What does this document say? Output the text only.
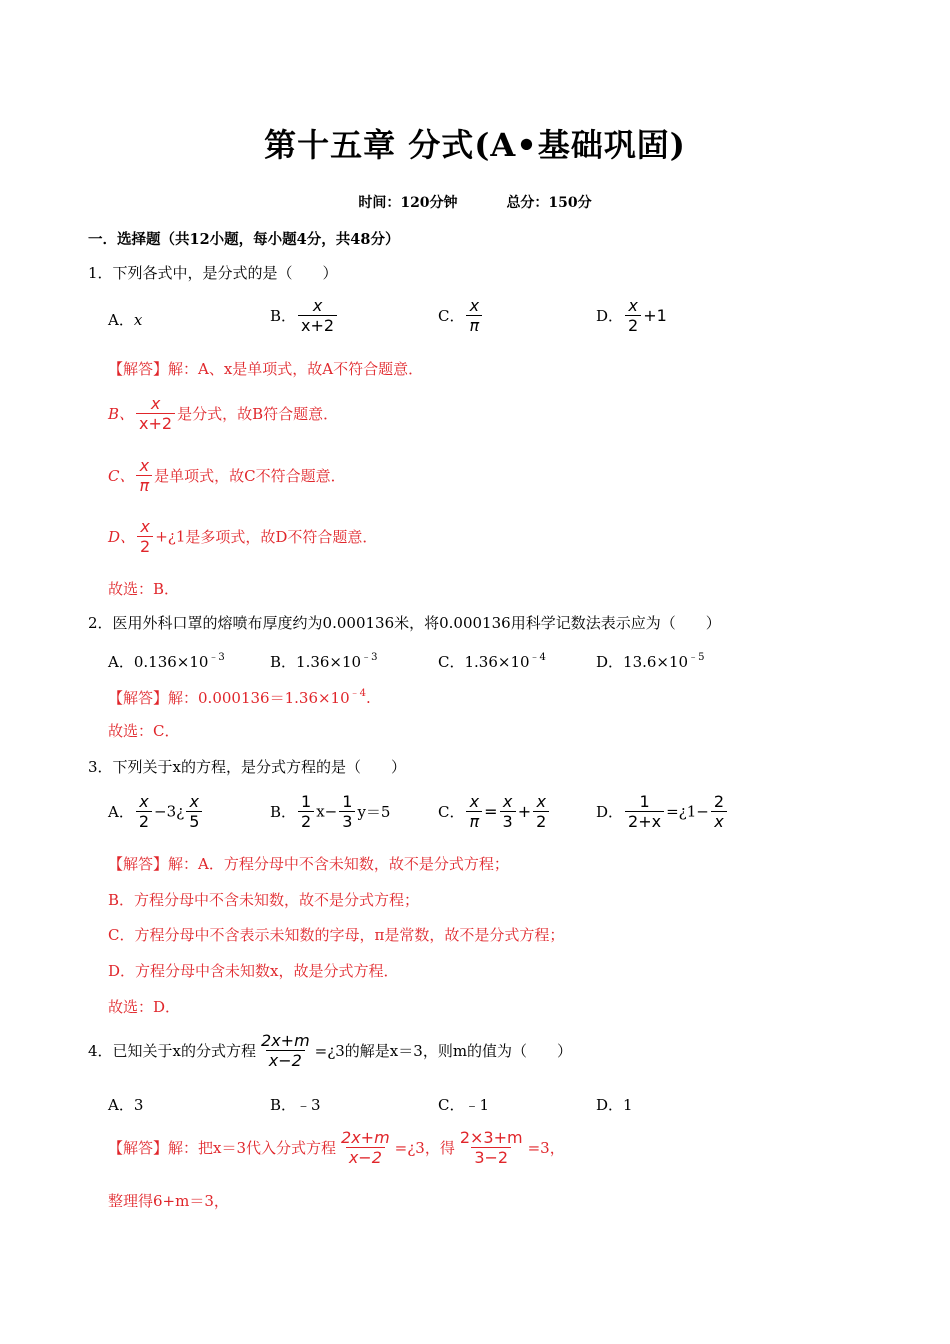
第十五章 分式(A•基础巩固)
时间：120分钟	总分：150分
一．选择题（共12小题，每小题4分，共48分）
1．下列各式中，是分式的是（　　）
A．x	B． $\frac{x}{x+2}$	C． $\frac{x}{\pi}$	D． $\frac{x}{2} +1$
【解答】解：A、x是单项式，故A不符合题意．
B、 $\frac{x}{x+2}$ 是分式，故B符合题意．
C、 $\frac{x}{\pi}$ 是单项式，故C不符合题意．
D、 $\frac{x}{2}$ +¿1是多项式，故D不符合题意．
故选：B．
2．医用外科口罩的熔喷布厚度约为0.000136米，将0.000136用科学记数法表示应为（　　）
A．$0.136\times 10^{﹣3}$	B．$1.36\times 10^{﹣3}$	C．$1.36\times 10^{﹣4}$	D．$13.6\times 10^{﹣5}$
【解答】解：$0.000136=1.36\times 10^{﹣4}$.
故选：C．
3．下列关于x的方程，是分式方程的是（　　）
A． $\frac{x}{2}$ −3¿ $\frac{x}{5}$	B． $\frac{1}{2} x- \frac{1}{3} y=5$	C． $\frac{x}{\pi} = \frac{x}{3} + \frac{x}{2}$	D． $\frac{1}{2+x}$ =¿1− $\frac{2}{x}$
【解答】解：A．方程分母中不含未知数，故不是分式方程；
B．方程分母中不含未知数，故不是分式方程；
C．方程分母中不含表示未知数的字母，π是常数，故不是分式方程；
D．方程分母中含未知数x，故是分式方程．
故选：D．
4．已知关于x的分式方程 $\frac{2x+m}{x-2}$ =¿3的解是x＝3，则m的值为（　　）
A．3	B．﹣3	C．﹣1	D．1
【解答】解：把x＝3代入分式方程 $\frac{2x+m}{x-2}$ =¿3，得 $\frac{2\times 3+m}{3-2} =3$，
整理得6+m＝3，
